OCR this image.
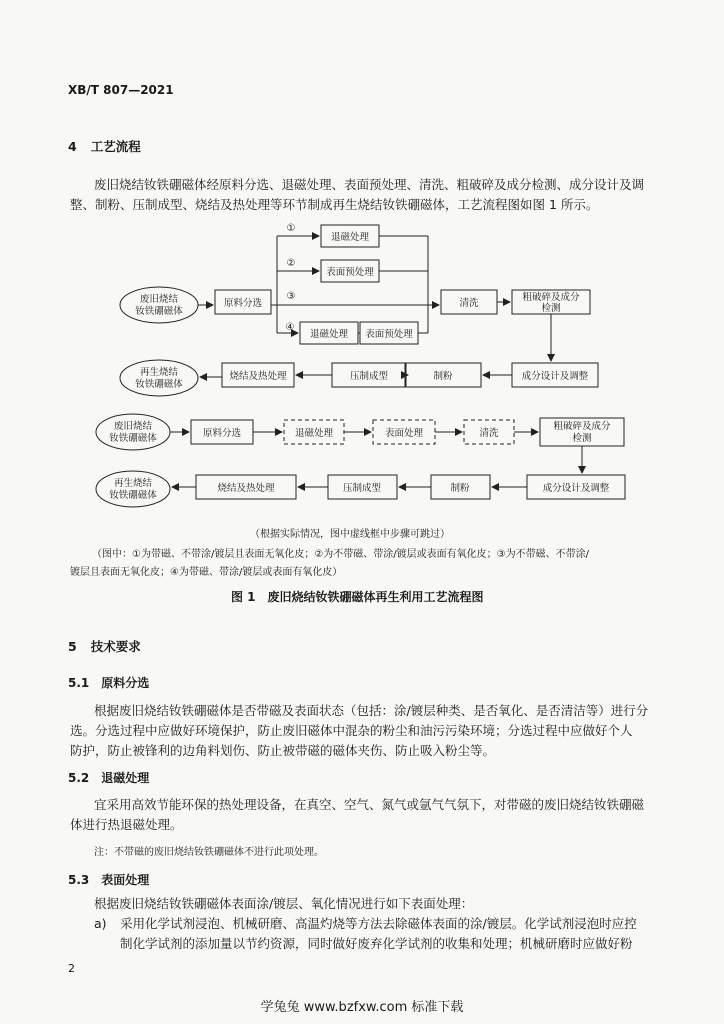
XB/T 807—2021
4 工艺流程
废旧烧结钕铁硼磁体经原料分选、退磁处理、表面预处理、清洗、粗破碎及成分检测、成分设计及调
整、制粉、压制成型、烧结及热处理等环节制成再生烧结钕铁硼磁体，工艺流程图如图 1 所示。
废旧烧结
钕铁硼磁体
原料分选
退磁处理
表面预处理
退磁处理 表面预处理
清洗
粗破碎及成分
检测
成分设计及调整
制粉
压制成型
烧结及热处理
再生烧结
钕铁硼磁体
①
②
③
④
废旧烧结
钕铁硼磁体	原料分选	退磁处理	表面处理	清洗
粗破碎及成分
检测
成分设计及调整
制粉
压制成型
烧结及热处理
再生烧结
钕铁硼磁体
（根据实际情况，图中虚线框中步骤可跳过）
（图中：①为带磁、不带涂/镀层且表面无氧化皮；②为不带磁、带涂/镀层或表面有氧化皮；③为不带磁、不带涂/
镀层且表面无氧化皮；④为带磁、带涂/镀层或表面有氧化皮）
图 1　废旧烧结钕铁硼磁体再生利用工艺流程图
5 技术要求
5.1 原料分选
根据废旧烧结钕铁硼磁体是否带磁及表面状态（包括：涂/镀层种类、是否氧化、是否清洁等）进行分
选。分选过程中应做好环境保护，防止废旧磁体中混杂的粉尘和油污污染环境；分选过程中应做好个人
防护，防止被锋利的边角料划伤、防止被带磁的磁体夹伤、防止吸入粉尘等。
5.2 退磁处理
宜采用高效节能环保的热处理设备，在真空、空气、氮气或氩气气氛下，对带磁的废旧烧结钕铁硼磁
体进行热退磁处理。
注：不带磁的废旧烧结钕铁硼磁体不进行此项处理。
5.3 表面处理
根据废旧烧结钕铁硼磁体表面涂/镀层、氧化情况进行如下表面处理：
a) 采用化学试剂浸泡、机械研磨、高温灼烧等方法去除磁体表面的涂/镀层。化学试剂浸泡时应控
制化学试剂的添加量以节约资源，同时做好废弃化学试剂的收集和处理；机械研磨时应做好粉
2
学兔兔 www.bzfxw.com 标准下载
